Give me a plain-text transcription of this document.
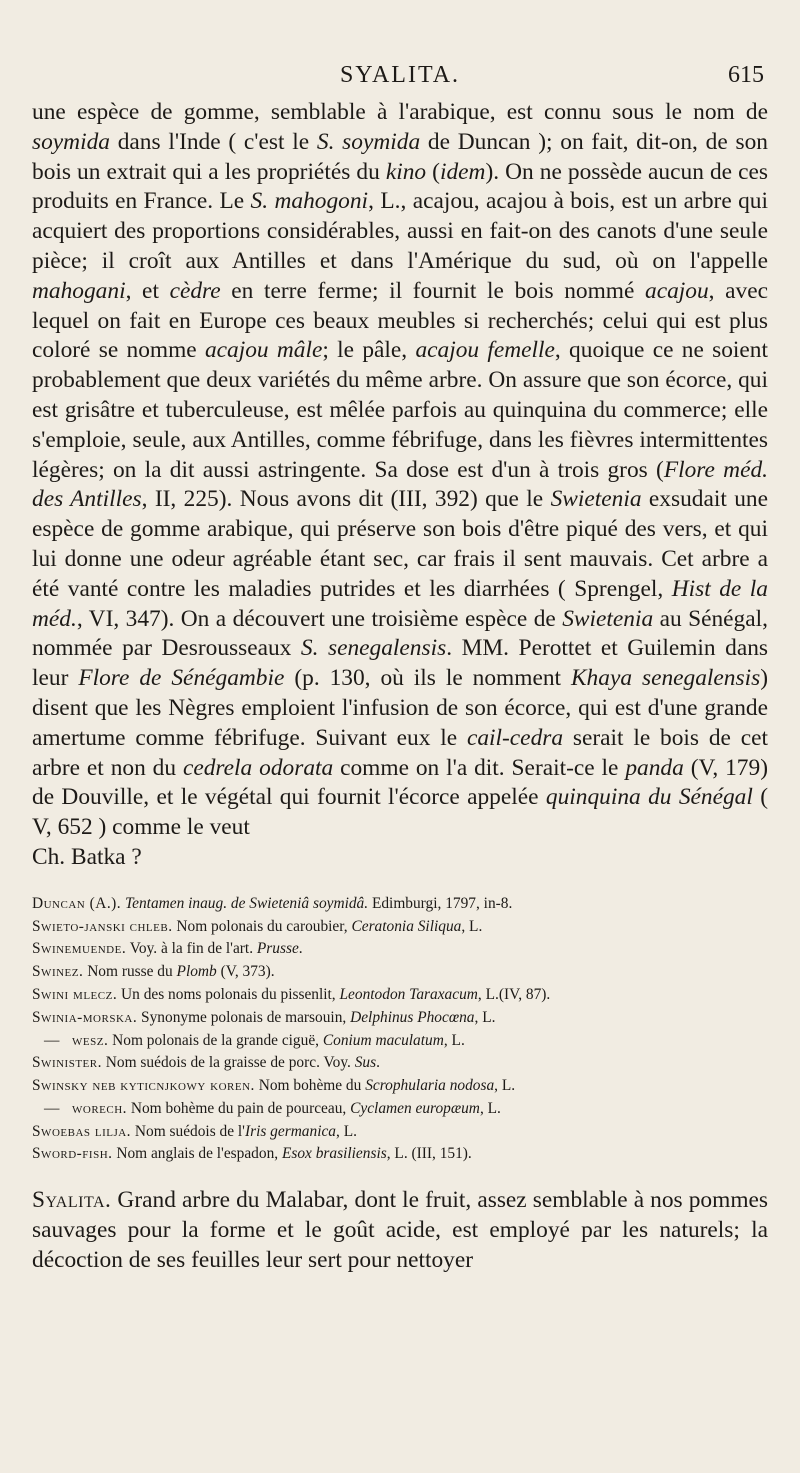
SYALITA.	615

une espèce de gomme, semblable à l'arabique, est connu sous le nom de soymida dans l'Inde ( c'est le S. soymida de Duncan ); on fait, dit-on, de son bois un extrait qui a les propriétés du kino (idem). On ne possède aucun de ces produits en France. Le S. mahogoni, L., acajou, acajou à bois, est un arbre qui acquiert des proportions considérables, aussi en fait-on des canots d'une seule pièce; il croît aux Antilles et dans l'Amérique du sud, où on l'appelle mahogani, et cèdre en terre ferme; il fournit le bois nommé acajou, avec lequel on fait en Europe ces beaux meubles si recherchés; celui qui est plus coloré se nomme acajou mâle; le pâle, acajou femelle, quoique ce ne soient probablement que deux variétés du même arbre. On assure que son écorce, qui est grisâtre et tuberculeuse, est mêlée parfois au quinquina du commerce; elle s'emploie, seule, aux Antilles, comme fébrifuge, dans les fièvres intermittentes légères; on la dit aussi astringente. Sa dose est d'un à trois gros (Flore méd. des Antilles, II, 225). Nous avons dit (III, 392) que le Swietenia exsudait une espèce de gomme arabique, qui préserve son bois d'être piqué des vers, et qui lui donne une odeur agréable étant sec, car frais il sent mauvais. Cet arbre a été vanté contre les maladies putrides et les diarrhées ( Sprengel, Hist de la méd., VI, 347). On a découvert une troisième espèce de Swietenia au Sénégal, nommée par Desrousseaux S. senegalensis. MM. Perottet et Guilemin dans leur Flore de Sénégambie (p. 130, où ils le nomment Khaya senegalensis) disent que les Nègres emploient l'infusion de son écorce, qui est d'une grande amertume comme fébrifuge. Suivant eux le cail-cedra serait le bois de cet arbre et non du cedrela odorata comme on l'a dit. Serait-ce le panda (V, 179) de Douville, et le végétal qui fournit l'écorce appelée quinquina du Sénégal ( V, 652 ) comme le veut

Ch. Batka ?

Duncan (A.). Tentamen inaug. de Swieteniâ soymidâ. Edimburgi, 1797, in-8.
Swieto-janski chleb. Nom polonais du caroubier, Ceratonia Siliqua, L.
Swinemuende. Voy. à la fin de l'art. Prusse.
Swinez. Nom russe du Plomb (V, 373).
Swini mlecz. Un des noms polonais du pissenlit, Leontodon Taraxacum, L.(IV, 87).
Swinia-morska. Synonyme polonais de marsouin, Delphinus Phocœna, L.
— wesz. Nom polonais de la grande ciguë, Conium maculatum, L.
Swinister. Nom suédois de la graisse de porc. Voy. Sus.
Swinsky neb kyticnjkowy koren. Nom bohème du Scrophularia nodosa, L.
— worech. Nom bohème du pain de pourceau, Cyclamen europæum, L.
Swoebas lilja. Nom suédois de l'Iris germanica, L.
Sword-fish. Nom anglais de l'espadon, Esox brasiliensis, L. (III, 151).

Syalita. Grand arbre du Malabar, dont le fruit, assez semblable à nos pommes sauvages pour la forme et le goût acide, est employé par les naturels; la décoction de ses feuilles leur sert pour nettoyer
